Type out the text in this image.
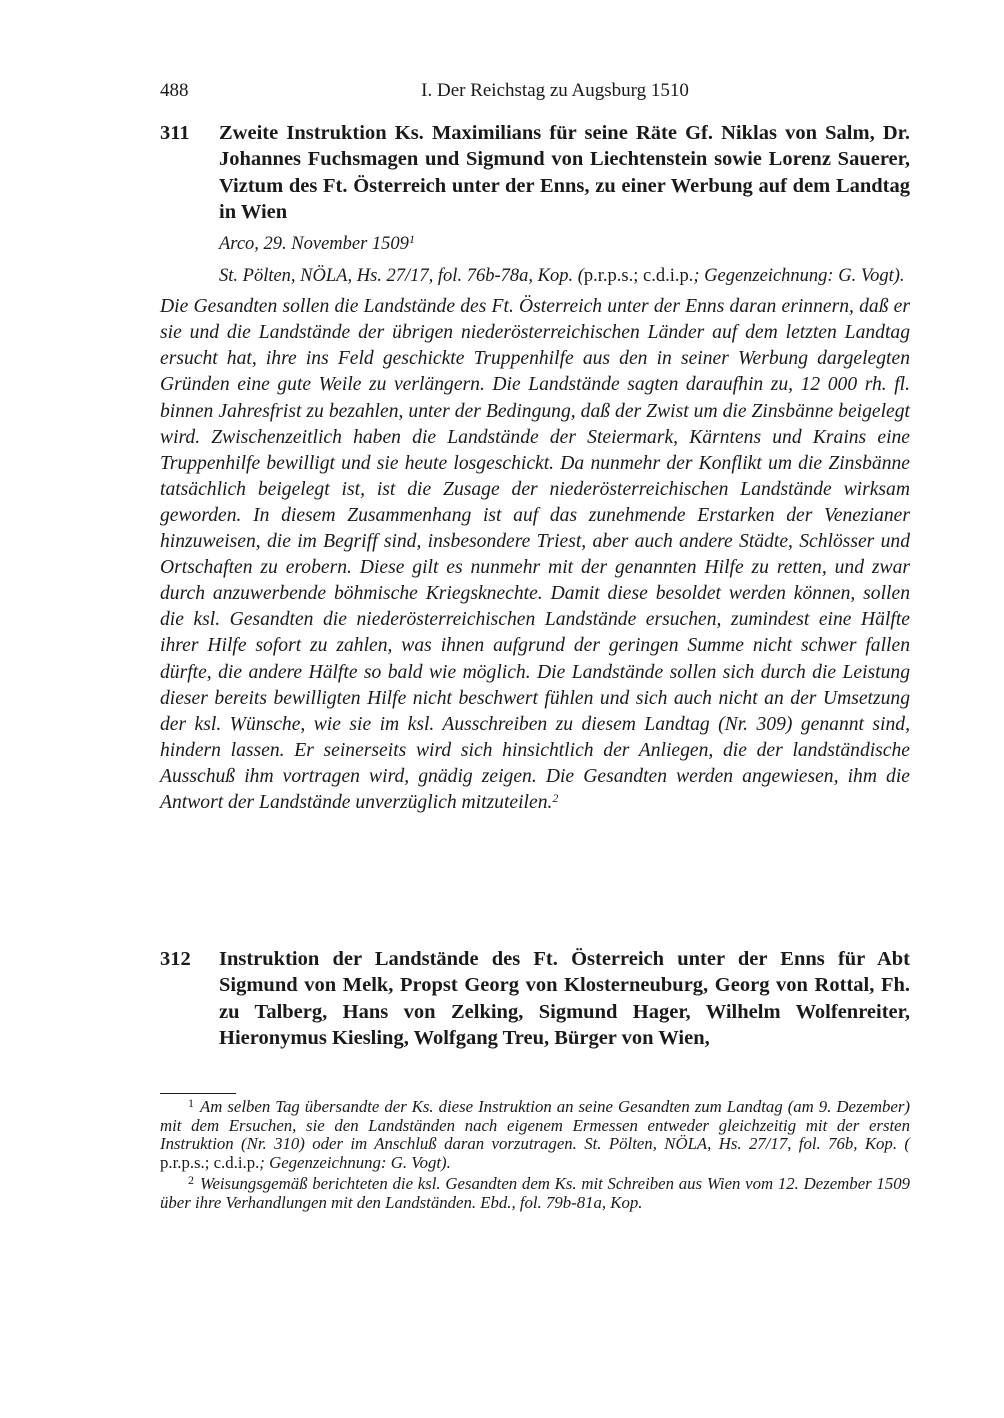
488	I. Der Reichstag zu Augsburg 1510
311 Zweite Instruktion Ks. Maximilians für seine Räte Gf. Niklas von Salm, Dr. Johannes Fuchsmagen und Sigmund von Liechtenstein sowie Lorenz Sauerer, Viztum des Ft. Österreich unter der Enns, zu einer Werbung auf dem Landtag in Wien
Arco, 29. November 1509$^1$
St. Pölten, NÖLA, Hs. 27/17, fol. 76b-78a, Kop. (p.r.p.s.; c.d.i.p.; Gegenzeichnung: G. Vogt).
Die Gesandten sollen die Landstände des Ft. Österreich unter der Enns daran erinnern, daß er sie und die Landstände der übrigen niederösterreichischen Länder auf dem letzten Landtag ersucht hat, ihre ins Feld geschickte Truppenhilfe aus den in seiner Werbung dargelegten Gründen eine gute Weile zu verlängern. Die Landstände sagten daraufhin zu, 12 000 rh. fl. binnen Jahresfrist zu bezahlen, unter der Bedingung, daß der Zwist um die Zinsbänne beigelegt wird. Zwischenzeitlich haben die Landstände der Steiermark, Kärntens und Krains eine Truppenhilfe bewilligt und sie heute losgeschickt. Da nunmehr der Konflikt um die Zinsbänne tatsächlich beigelegt ist, ist die Zusage der niederösterreichischen Landstände wirksam geworden. In diesem Zusammenhang ist auf das zunehmende Erstarken der Venezianer hinzuweisen, die im Begriff sind, insbesondere Triest, aber auch andere Städte, Schlösser und Ortschaften zu erobern. Diese gilt es nunmehr mit der genannten Hilfe zu retten, und zwar durch anzuwerbende böhmische Kriegsknechte. Damit diese besoldet werden können, sollen die ksl. Gesandten die niederösterreichischen Landstände ersuchen, zumindest eine Hälfte ihrer Hilfe sofort zu zahlen, was ihnen aufgrund der geringen Summe nicht schwer fallen dürfte, die andere Hälfte so bald wie möglich. Die Landstände sollen sich durch die Leistung dieser bereits bewilligten Hilfe nicht beschwert fühlen und sich auch nicht an der Umsetzung der ksl. Wünsche, wie sie im ksl. Ausschreiben zu diesem Landtag (Nr. 309) genannt sind, hindern lassen. Er seinerseits wird sich hinsichtlich der Anliegen, die der landständische Ausschuß ihm vortragen wird, gnädig zeigen. Die Gesandten werden angewiesen, ihm die Antwort der Landstände unverzüglich mitzuteilen.$^2$
312 Instruktion der Landstände des Ft. Österreich unter der Enns für Abt Sigmund von Melk, Propst Georg von Klosterneuburg, Georg von Rottal, Fh. zu Talberg, Hans von Zelking, Sigmund Hager, Wilhelm Wolfenreiter, Hieronymus Kiesling, Wolfgang Treu, Bürger von Wien,
$^1$ Am selben Tag übersandte der Ks. diese Instruktion an seine Gesandten zum Landtag (am 9. Dezember) mit dem Ersuchen, sie den Landständen nach eigenem Ermessen entweder gleichzeitig mit der ersten Instruktion (Nr. 310) oder im Anschluß daran vorzutragen. St. Pölten, NÖLA, Hs. 27/17, fol. 76b, Kop. ( p.r.p.s.; c.d.i.p.; Gegenzeichnung: G. Vogt).
$^2$ Weisungsgemäß berichteten die ksl. Gesandten dem Ks. mit Schreiben aus Wien vom 12. Dezember 1509 über ihre Verhandlungen mit den Landständen. Ebd., fol. 79b-81a, Kop.
